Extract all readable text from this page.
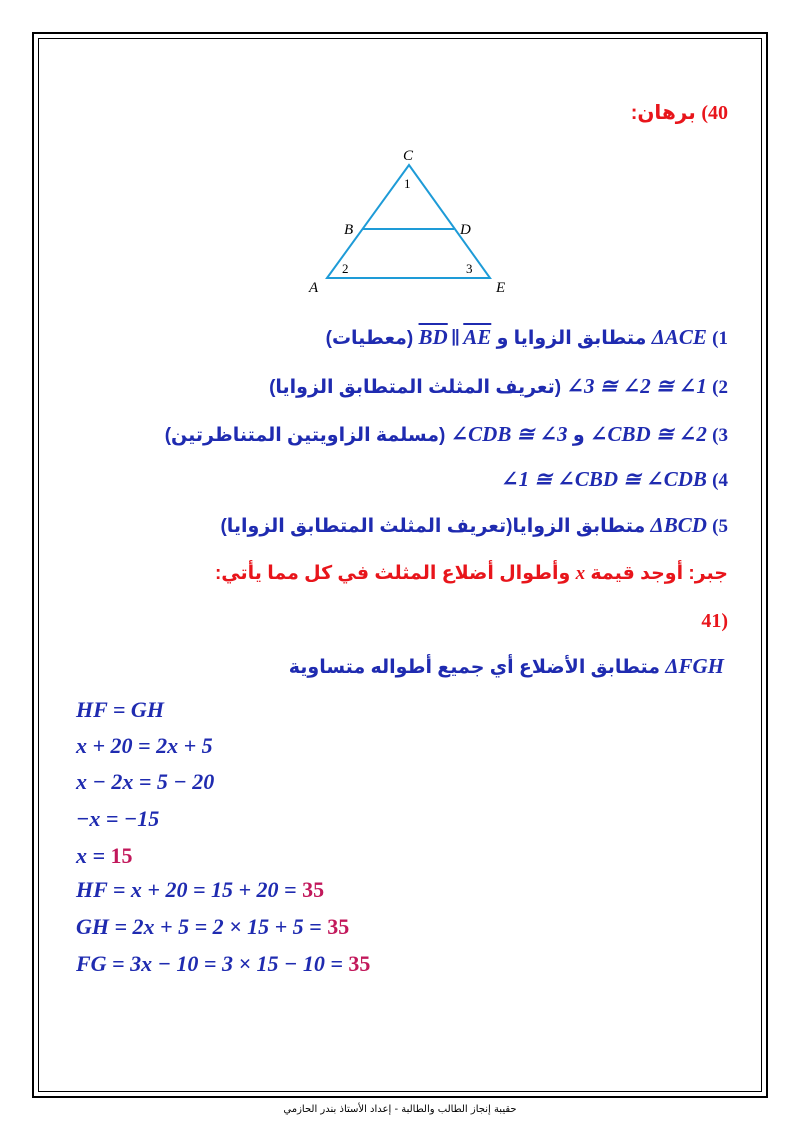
40) برهان:
C
B	D
A	E
1
2	3
1) ΔACE متطابق الزوايا و $\overline{BD}$ ∥ $\overline{AE}$ (معطيات)
2) ∠3 ≅ ∠2 ≅ ∠1 (تعريف المثلث المتطابق الزوايا)
3) ∠CBD ≅ ∠2 و ∠CDB ≅ ∠3 (مسلمة الزاويتين المتناظرتين)
4) ∠1 ≅ ∠CBD ≅ ∠CDB
5) ΔBCD متطابق الزوايا(تعريف المثلث المتطابق الزوايا)
جبر: أوجد قيمة x وأطوال أضلاع المثلث في كل مما يأتي:
(41
ΔFGH متطابق الأضلاع أي جميع أطواله متساوية
HF = GH
x + 20 = 2x + 5
x − 2x = 5 − 20
−x = −15
x = 15
HF = x + 20 = 15 + 20 = 35
GH = 2x + 5 = 2 × 15 + 5 = 35
FG = 3x − 10 = 3 × 15 − 10 = 35
حقيبة إنجاز الطالب والطالبة - إعداد الأستاذ بندر الحازمي
